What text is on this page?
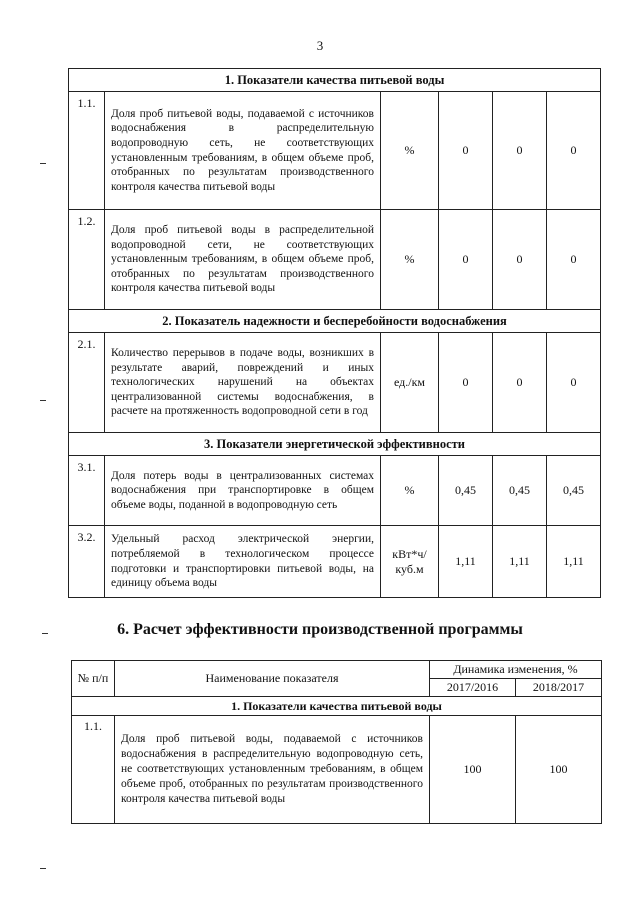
3
1. Показатели качества питьевой воды					
1.1.	Доля проб питьевой воды, подаваемой с источников водоснабжения в распределительную водопроводную сеть, не соответствующих установленным требованиям, в общем объеме проб, отобранных по результатам производственного контроля качества питьевой воды	%	0	0	0
1.2.	Доля проб питьевой воды в распределительной водопроводной сети, не соответствующих установленным требованиям, в общем объеме проб, отобранных по результатам производственного контроля качества питьевой воды	%	0	0	0
2. Показатель надежности и бесперебойности водоснабжения					
2.1.	Количество перерывов в подаче воды, возникших в результате аварий, повреждений и иных технологических нарушений на объектах централизованной системы водоснабжения, в расчете на протяженность водопроводной сети в год	ед./км	0	0	0
3. Показатели энергетической эффективности					
3.1.	Доля потерь воды в централизованных системах водоснабжения при транспортировке в общем объеме воды, поданной в водопроводную сеть	%	0,45	0,45	0,45
3.2.	Удельный расход электрической энергии, потребляемой в технологическом процессе подготовки и транспортировки питьевой воды, на единицу объема воды	кВт*ч/ куб.м	1,11	1,11	1,11
6. Расчет эффективности производственной программы
№ п/п	Наименование показателя	Динамика изменения, %	
		2017/2016	2018/2017
1. Показатели качества питьевой воды			
1.1.	Доля проб питьевой воды, подаваемой с источников водоснабжения в распределительную водопроводную сеть, не соответствующих установленным требованиям, в общем объеме проб, отобранных по результатам производственного контроля качества питьевой воды	100	100
